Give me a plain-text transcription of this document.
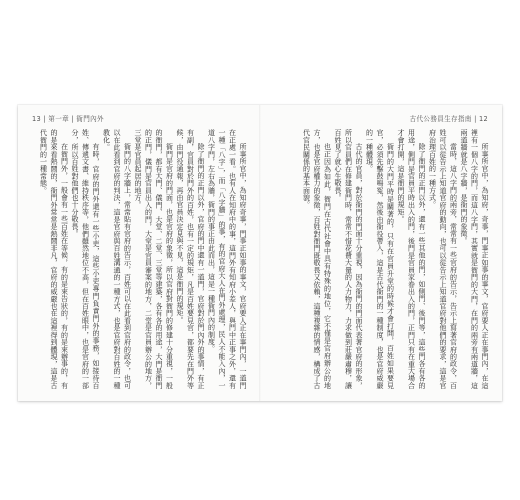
13 | 第一章 | 衙門內外

所事所官中，為知府奇事，門事正如事的事文，官府要人正在事門內，一道門在正處一看。也有人在知府中的事，這門外有知府小差人，與門中正事之外，還有一種「八字」，而「八字牆」的事，有的官府大人在門外處理，民人不能入內，一道八字門，左右為牆，衙門的事正由此而出，這是一種衙門內的制度。

除了衙門的正門以外，官府的門中還有一道門，官府對於門內外的事情，有正有副，官員對於門外的百姓，也有一定的規矩，凡是百姓要見官，都要先在門外等候，由門役通報，再由官員決定見與不見，這是衙門的規矩。

衙門是官府的門面，也是官府的象徵，所以官府對衙門的修建十分重視，一般的衙門，都有大門、儀門、大堂、二堂、三堂等建築，各有各的用途，大門是衙門的正門，儀門是官員出入的門，大堂是官員審案的地方，二堂是官員辦公的地方，三堂是官員起居的地方。

衙門的八字牆上，常常貼有官府的告示，百姓可以在此看到官府的政令，也可以在此看到官府的判決，這是官府與百姓溝通的一種方式，也是官府對百姓的一種教化。

有時，官府的門外還有一些小吏，這些小吏專門負責門外的事務，如接待百姓、傳遞文書、維持秩序等，他們雖然地位不高，但在百姓眼中，也是官府的一部分，所以百姓對他們也十分敬畏。

在衙門外，一般會有一些百姓在等候，有的是來告狀的，有的是來辦事的，有的是來看熱鬧的，衙門外常常是熱鬧非凡，官府的威嚴也在這裡得到體現，這是古代衙門的一種常態。

古代公務員生存指南 | 12

所事所官中，為知府，奇事，門事正如事的事文，官府要人正在事門內，在這裡有一個八字的門，而這八字門，其實就是衙門的大門，在門的兩旁有兩道牆，這兩道牆就是八字牆，是衙門的象徵。

當時，這八字門的兩旁，常常有一些官府的告示，告示上寫著官府的政令，百姓可以從告示上知道官府的動向，也可以從告示上知道官府對他們的要求，這是官府治理百姓的一種方式。

除了衙門的正門以外，還有一些其他的門，如側門、後門等，這些門各有各的用途，側門是官員平時出入的門，後門是官員家眷出入的門，正門只有在重大場合才會打開，這是衙門的規矩。

衙門的大門平時是關著的，只有在官員升堂的時候才會打開，百姓如果要見官，必須先擊鼓鳴冤，然後由衙役帶入，這是古代衙門的一種制度，也是官府威嚴的一種體現。

古代的官員，對於衙門的門面十分重視，因為衙門的門面代表著官府的形象，所以官員們在修建衙門時，常常不惜花費大量的人力物力，力求做到莊嚴肅穆，讓百姓見了就心生敬畏。

也正因為如此，衙門在古代社會中具有特殊的地位，它不僅是官府辦公的地方，也是官府權力的象徵，百姓對衙門既敬畏又依賴，這種複雜的情感，構成了古代官民關係的基本面貌。
